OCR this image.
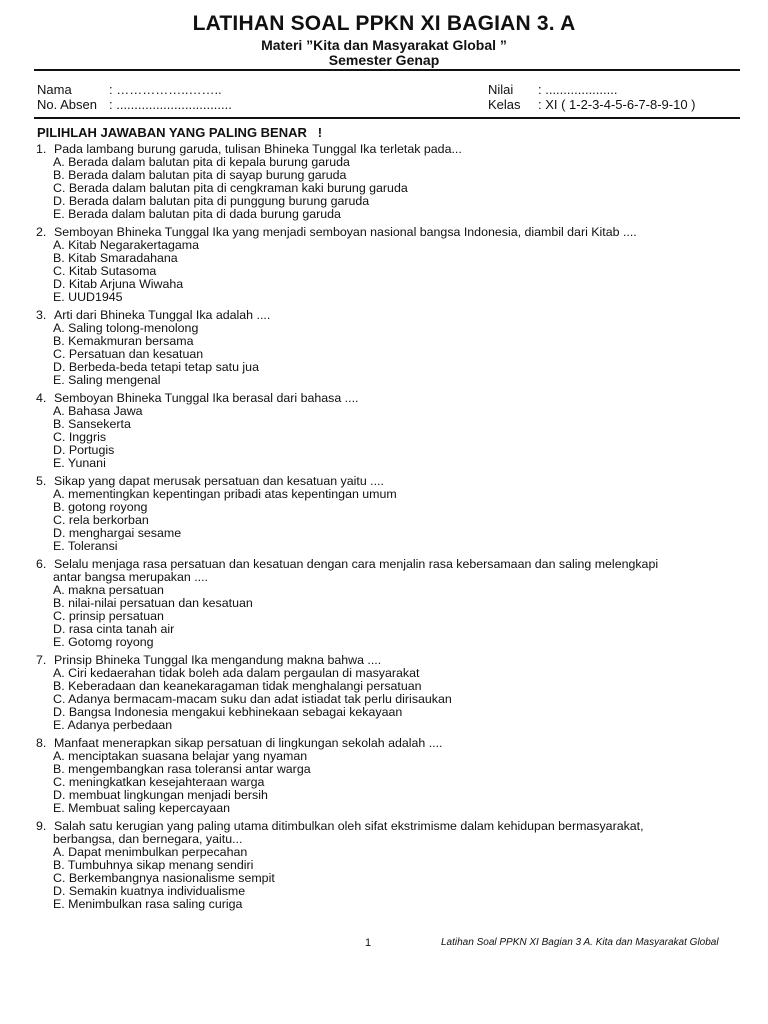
LATIHAN SOAL PPKN XI BAGIAN 3. A
Materi ”Kita dan Masyarakat Global ”
Semester Genap
Nama	: ……………..……..
No. Absen : ................................
Nilai : ....................
Kelas : XI ( 1-2-3-4-5-6-7-8-9-10 )
PILIHLAH JAWABAN YANG PALING BENAR   !
1. Pada lambang burung garuda, tulisan Bhineka Tunggal Ika terletak pada...
A. Berada dalam balutan pita di kepala burung garuda
B. Berada dalam balutan pita di sayap burung garuda
C. Berada dalam balutan pita di cengkraman kaki burung garuda
D. Berada dalam balutan pita di punggung burung garuda
E. Berada dalam balutan pita di dada burung garuda
2. Semboyan Bhineka Tunggal Ika yang menjadi semboyan nasional bangsa Indonesia, diambil dari Kitab ....
A. Kitab Negarakertagama
B. Kitab Smaradahana
C. Kitab Sutasoma
D. Kitab Arjuna Wiwaha
E. UUD1945
3. Arti dari Bhineka Tunggal Ika adalah ....
A. Saling tolong-menolong
B. Kemakmuran bersama
C. Persatuan dan kesatuan
D. Berbeda-beda tetapi tetap satu jua
E. Saling mengenal
4. Semboyan Bhineka Tunggal Ika berasal dari bahasa ....
A. Bahasa Jawa
B. Sansekerta
C. Inggris
D. Portugis
E. Yunani
5. Sikap yang dapat merusak persatuan dan kesatuan yaitu ....
A. mementingkan kepentingan pribadi atas kepentingan umum
B. gotong royong
C. rela berkorban
D. menghargai sesame
E. Toleransi
6. Selalu menjaga rasa persatuan dan kesatuan dengan cara menjalin rasa kebersamaan dan saling melengkapi
antar bangsa merupakan ....
A. makna persatuan
B. nilai-nilai persatuan dan kesatuan
C. prinsip persatuan
D. rasa cinta tanah air
E. Gotomg royong
7. Prinsip Bhineka Tunggal Ika mengandung makna bahwa ....
A. Ciri kedaerahan tidak boleh ada dalam pergaulan di masyarakat
B. Keberadaan dan keanekaragaman tidak menghalangi persatuan
C. Adanya bermacam-macam suku dan adat istiadat tak perlu dirisaukan
D. Bangsa Indonesia mengakui kebhinekaan sebagai kekayaan
E. Adanya perbedaan
8. Manfaat menerapkan sikap persatuan di lingkungan sekolah adalah ....
A. menciptakan suasana belajar yang nyaman
B. mengembangkan rasa toleransi antar warga
C. meningkatkan kesejahteraan warga
D. membuat lingkungan menjadi bersih
E. Membuat saling kepercayaan
9. Salah satu kerugian yang paling utama ditimbulkan oleh sifat ekstrimisme dalam kehidupan bermasyarakat,
berbangsa, dan bernegara, yaitu...
A. Dapat menimbulkan perpecahan
B. Tumbuhnya sikap menang sendiri
C. Berkembangnya nasionalisme sempit
D. Semakin kuatnya individualisme
E. Menimbulkan rasa saling curiga
1	Latihan Soal PPKN XI Bagian 3 A. Kita dan Masyarakat Global
